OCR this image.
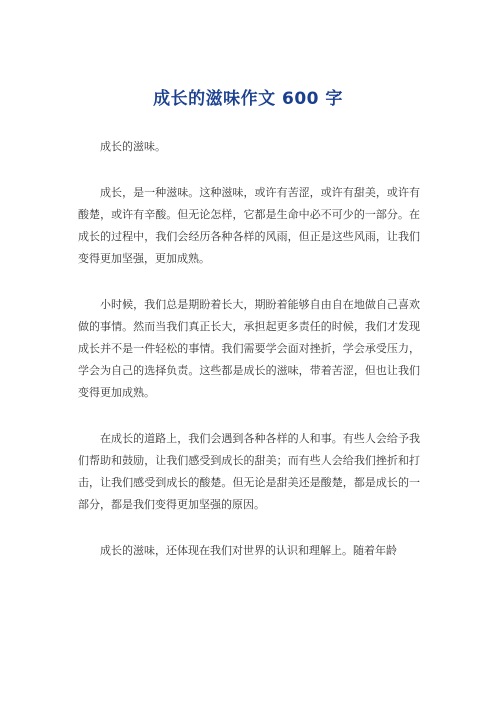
成长的滋味作文 600 字

成长的滋味。

成长，是一种滋味。这种滋味，或许有苦涩，或许有甜美，或许有酸楚，或许有辛酸。但无论怎样，它都是生命中必不可少的一部分。在成长的过程中，我们会经历各种各样的风雨，但正是这些风雨，让我们变得更加坚强，更加成熟。

小时候，我们总是期盼着长大，期盼着能够自由自在地做自己喜欢做的事情。然而当我们真正长大，承担起更多责任的时候，我们才发现成长并不是一件轻松的事情。我们需要学会面对挫折，学会承受压力，学会为自己的选择负责。这些都是成长的滋味，带着苦涩，但也让我们变得更加成熟。

在成长的道路上，我们会遇到各种各样的人和事。有些人会给予我们帮助和鼓励，让我们感受到成长的甜美；而有些人会给我们挫折和打击，让我们感受到成长的酸楚。但无论是甜美还是酸楚，都是成长的一部分，都是我们变得更加坚强的原因。

成长的滋味，还体现在我们对世界的认识和理解上。随着年龄
